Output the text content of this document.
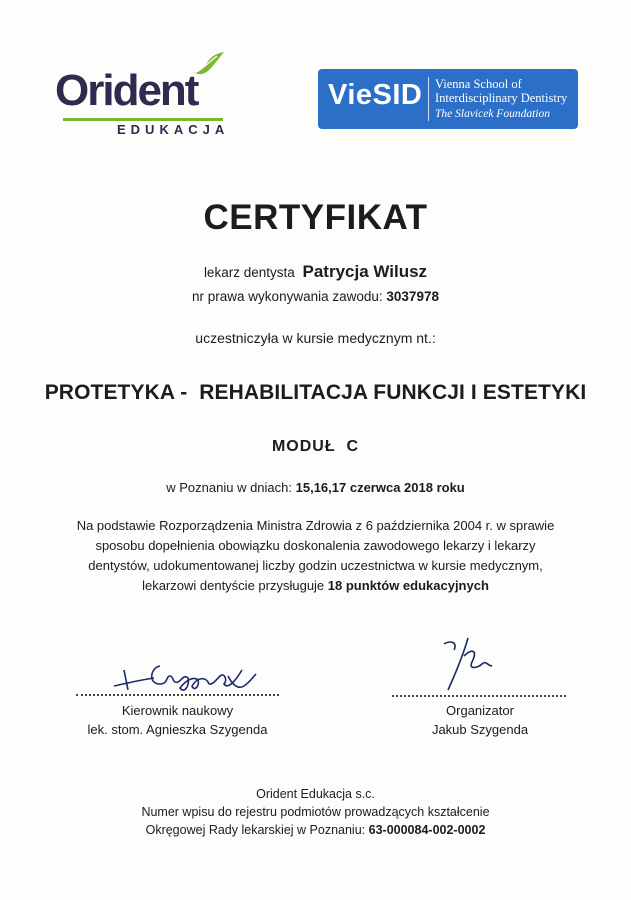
Orident
EDUKACJA
VieSID Vienna School of
Interdisciplinary Dentistry
The Slavicek Foundation
CERTYFIKAT
lekarz dentysta Patrycja Wilusz
nr prawa wykonywania zawodu: 3037978
uczestniczyła w kursie medycznym nt.:
PROTETYKA -  REHABILITACJA FUNKCJI I ESTETYKI
MODUŁ  C
w Poznaniu w dniach: 15,16,17 czerwca 2018 roku
Na podstawie Rozporządzenia Ministra Zdrowia z 6 października 2004 r. w sprawie
sposobu dopełnienia obowiązku doskonalenia zawodowego lekarzy i lekarzy
dentystów, udokumentowanej liczby godzin uczestnictwa w kursie medycznym,
lekarzowi dentyście przysługuje 18 punktów edukacyjnych
Kierownik naukowy
lek. stom. Agnieszka Szygenda
Organizator
Jakub Szygenda
Orident Edukacja s.c.
Numer wpisu do rejestru podmiotów prowadzących kształcenie
Okręgowej Rady lekarskiej w Poznaniu: 63-000084-002-0002
